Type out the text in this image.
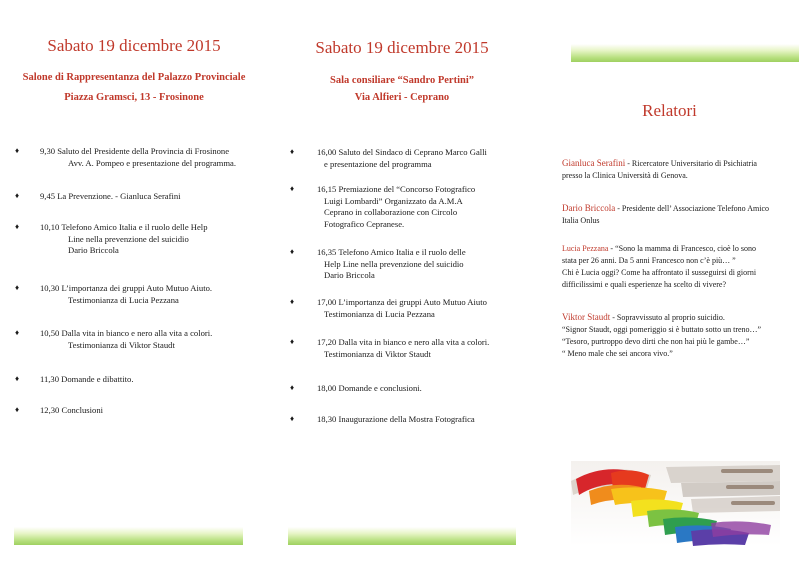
Sabato 19 dicembre 2015
Salone di Rappresentanza del Palazzo Provinciale
Piazza Gramsci, 13 - Frosinone
♦ 9,30 Saluto del Presidente della Provincia di Frosinone
Avv. A. Pompeo e presentazione del programma.
♦ 9,45 La Prevenzione. - Gianluca Serafini
♦ 10,10 Telefono Amico Italia e il ruolo delle Help
Line nella prevenzione del suicidio
Dario Briccola
♦ 10,30 L’importanza dei gruppi Auto Mutuo Aiuto.
Testimonianza di Lucia Pezzana
♦ 10,50 Dalla vita in bianco e nero alla vita a colori.
Testimonianza di Viktor Staudt
♦ 11,30 Domande e dibattito.
♦ 12,30 Conclusioni
Sabato 19 dicembre 2015
Sala consiliare “Sandro Pertini”
Via Alfieri - Ceprano
♦	16,00 Saluto del Sindaco di Ceprano Marco Galli
e presentazione del programma
♦	16,15 Premiazione del “Concorso Fotografico
Luigi Lombardi” Organizzato da A.M.A
Ceprano in collaborazione con Circolo
Fotografico Cepranese.
♦	16,35 Telefono Amico Italia e il ruolo delle
Help Line nella prevenzione del suicidio
Dario Briccola
♦	17,00 L’importanza dei gruppi Auto Mutuo Aiuto
Testimonianza di Lucia Pezzana
♦	17,20 Dalla vita in bianco e nero alla vita a colori.
Testimonianza di Viktor Staudt
♦	18,00 Domande e conclusioni.
♦	18,30 Inaugurazione della Mostra Fotografica
Relatori
Gianluca Serafini - Ricercatore Universitario di Psichiatria
presso la Clinica Università di Genova.
Dario Briccola - Presidente dell’ Associazione Telefono Amico
Italia Onlus
Lucia Pezzana - “Sono la mamma di Francesco, cioè lo sono
stata per 26 anni. Da 5 anni Francesco non c’è più… ”
Chi è Lucia oggi? Come ha affrontato il susseguirsi di giorni
difficilissimi e quali esperienze ha scelto di vivere?
Viktor Staudt - Sopravvissuto al proprio suicidio.
“Signor Staudt, oggi pomeriggio si è buttato sotto un treno…”
“Tesoro, purtroppo devo dirti che non hai più le gambe…”
“ Meno male che sei ancora vivo.”
